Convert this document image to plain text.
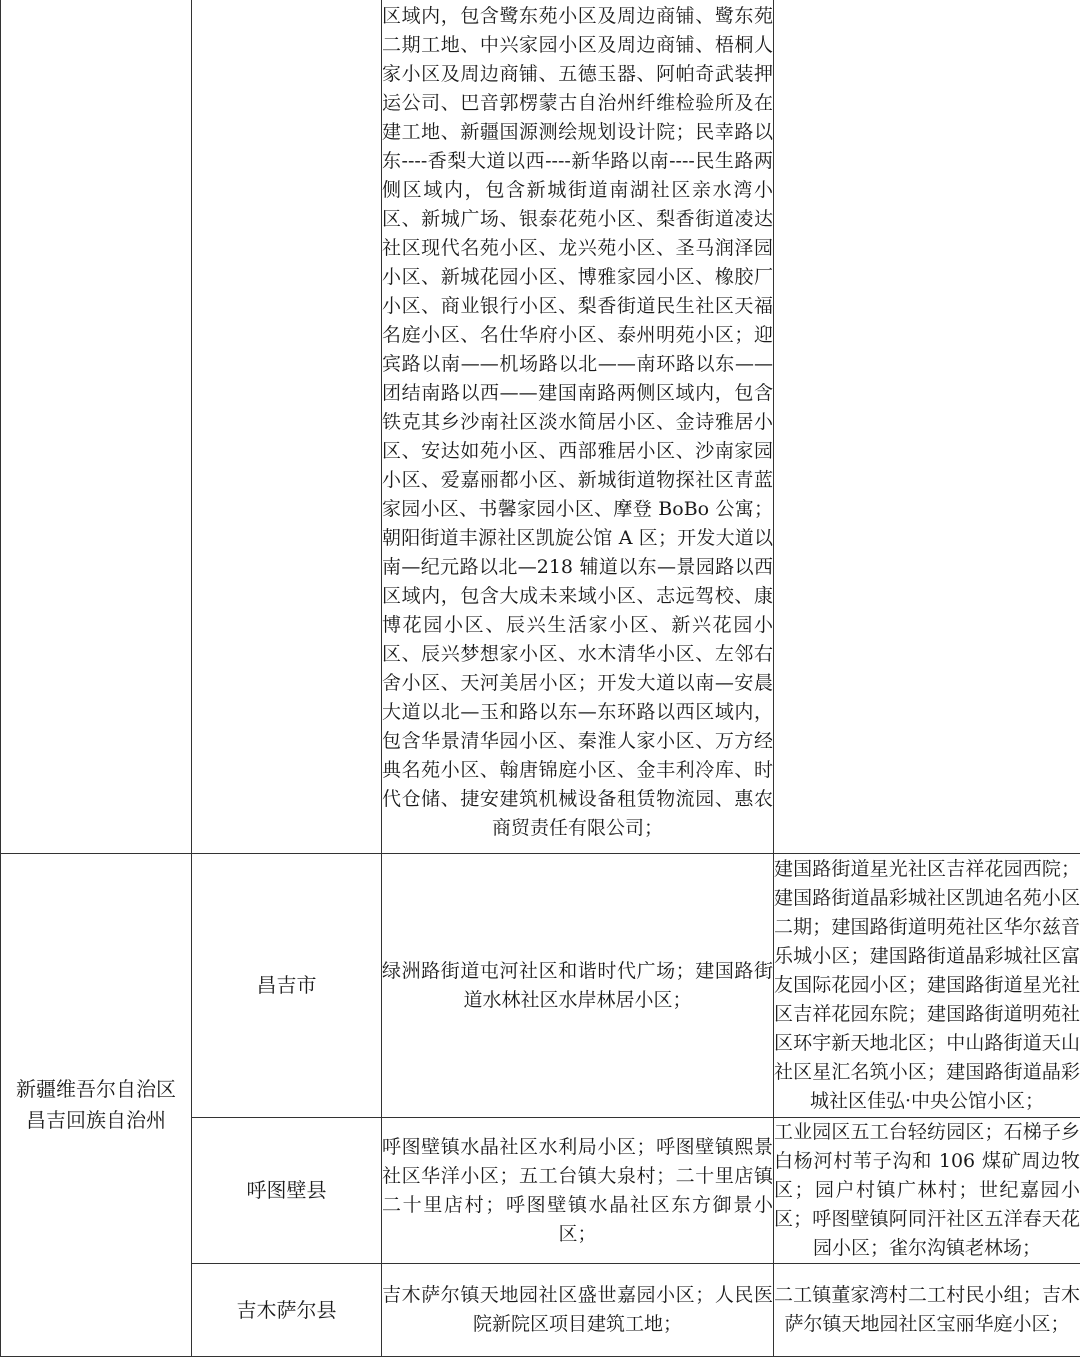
		区域内，包含鹭东苑小区及周边商铺、鹭东苑二期工地、中兴家园小区及周边商铺、梧桐人家小区及周边商铺、五德玉器、阿帕奇武装押运公司、巴音郭楞蒙古自治州纤维检验所及在建工地、新疆国源测绘规划设计院；民幸路以东----香梨大道以西----新华路以南----民生路两侧区域内，包含新城街道南湖社区亲水湾小区、新城广场、银泰花苑小区、梨香街道凌达社区现代名苑小区、龙兴苑小区、圣马润泽园小区、新城花园小区、博雅家园小区、橡胶厂小区、商业银行小区、梨香街道民生社区天福名庭小区、名仕华府小区、泰州明苑小区；迎宾路以南——机场路以北——南环路以东——团结南路以西——建国南路两侧区域内，包含铁克其乡沙南社区淡水简居小区、金诗雅居小区、安达如苑小区、西部雅居小区、沙南家园小区、爱嘉丽都小区、新城街道物探社区青蓝家园小区、书馨家园小区、摩登 BoBo 公寓；朝阳街道丰源社区凯旋公馆 A 区；开发大道以南—纪元路以北—218 辅道以东—景园路以西区域内，包含大成未来域小区、志远驾校、康博花园小区、辰兴生活家小区、新兴花园小区、辰兴梦想家小区、水木清华小区、左邻右舍小区、天河美居小区；开发大道以南—安晨大道以北—玉和路以东—东环路以西区域内，包含华景清华园小区、秦淮人家小区、万方经典名苑小区、翰唐锦庭小区、金丰利冷库、时代仓储、捷安建筑机械设备租赁物流园、惠农商贸责任有限公司；	

新疆维吾尔自治区昌吉回族自治州	昌吉市	绿洲路街道屯河社区和谐时代广场；建国路街道水林社区水岸林居小区；	建国路街道星光社区吉祥花园西院；建国路街道晶彩城社区凯迪名苑小区二期；建国路街道明苑社区华尔兹音乐城小区；建国路街道晶彩城社区富友国际花园小区；建国路街道星光社区吉祥花园东院；建国路街道明苑社区环宇新天地北区；中山路街道天山社区星汇名筑小区；建国路街道晶彩城社区佳弘·中央公馆小区；

	呼图壁县	呼图壁镇水晶社区水利局小区；呼图壁镇熙景社区华洋小区；五工台镇大泉村；二十里店镇二十里店村；呼图壁镇水晶社区东方御景小区；	工业园区五工台轻纺园区；石梯子乡白杨河村苇子沟和 106 煤矿周边牧区；园户村镇广林村；世纪嘉园小区；呼图壁镇阿同汗社区五洋春天花园小区；雀尔沟镇老林场；

	吉木萨尔县	吉木萨尔镇天地园社区盛世嘉园小区；人民医院新院区项目建筑工地；	二工镇董家湾村二工村民小组；吉木萨尔镇天地园社区宝丽华庭小区；
